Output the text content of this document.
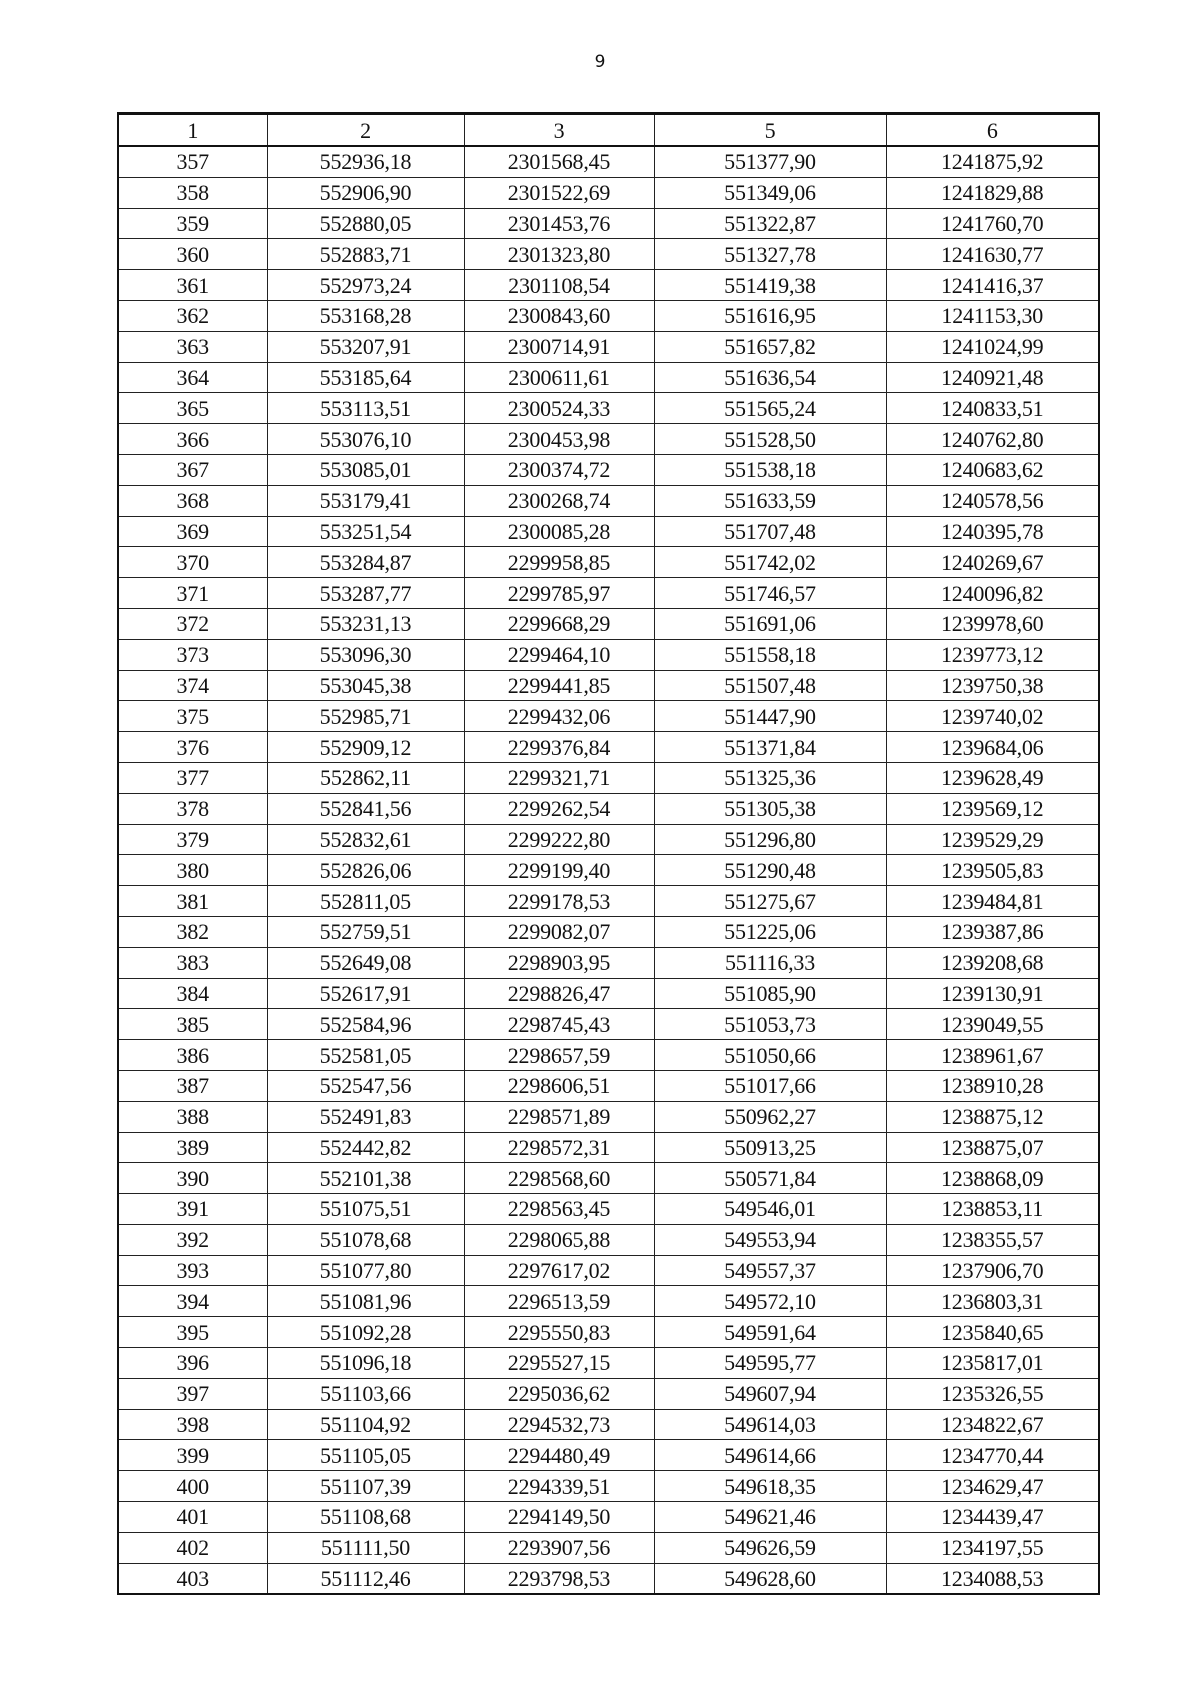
9
1	2	3	5	6
357	552936,18	2301568,45	551377,90	1241875,92
358	552906,90	2301522,69	551349,06	1241829,88
359	552880,05	2301453,76	551322,87	1241760,70
360	552883,71	2301323,80	551327,78	1241630,77
361	552973,24	2301108,54	551419,38	1241416,37
362	553168,28	2300843,60	551616,95	1241153,30
363	553207,91	2300714,91	551657,82	1241024,99
364	553185,64	2300611,61	551636,54	1240921,48
365	553113,51	2300524,33	551565,24	1240833,51
366	553076,10	2300453,98	551528,50	1240762,80
367	553085,01	2300374,72	551538,18	1240683,62
368	553179,41	2300268,74	551633,59	1240578,56
369	553251,54	2300085,28	551707,48	1240395,78
370	553284,87	2299958,85	551742,02	1240269,67
371	553287,77	2299785,97	551746,57	1240096,82
372	553231,13	2299668,29	551691,06	1239978,60
373	553096,30	2299464,10	551558,18	1239773,12
374	553045,38	2299441,85	551507,48	1239750,38
375	552985,71	2299432,06	551447,90	1239740,02
376	552909,12	2299376,84	551371,84	1239684,06
377	552862,11	2299321,71	551325,36	1239628,49
378	552841,56	2299262,54	551305,38	1239569,12
379	552832,61	2299222,80	551296,80	1239529,29
380	552826,06	2299199,40	551290,48	1239505,83
381	552811,05	2299178,53	551275,67	1239484,81
382	552759,51	2299082,07	551225,06	1239387,86
383	552649,08	2298903,95	551116,33	1239208,68
384	552617,91	2298826,47	551085,90	1239130,91
385	552584,96	2298745,43	551053,73	1239049,55
386	552581,05	2298657,59	551050,66	1238961,67
387	552547,56	2298606,51	551017,66	1238910,28
388	552491,83	2298571,89	550962,27	1238875,12
389	552442,82	2298572,31	550913,25	1238875,07
390	552101,38	2298568,60	550571,84	1238868,09
391	551075,51	2298563,45	549546,01	1238853,11
392	551078,68	2298065,88	549553,94	1238355,57
393	551077,80	2297617,02	549557,37	1237906,70
394	551081,96	2296513,59	549572,10	1236803,31
395	551092,28	2295550,83	549591,64	1235840,65
396	551096,18	2295527,15	549595,77	1235817,01
397	551103,66	2295036,62	549607,94	1235326,55
398	551104,92	2294532,73	549614,03	1234822,67
399	551105,05	2294480,49	549614,66	1234770,44
400	551107,39	2294339,51	549618,35	1234629,47
401	551108,68	2294149,50	549621,46	1234439,47
402	551111,50	2293907,56	549626,59	1234197,55
403	551112,46	2293798,53	549628,60	1234088,53
